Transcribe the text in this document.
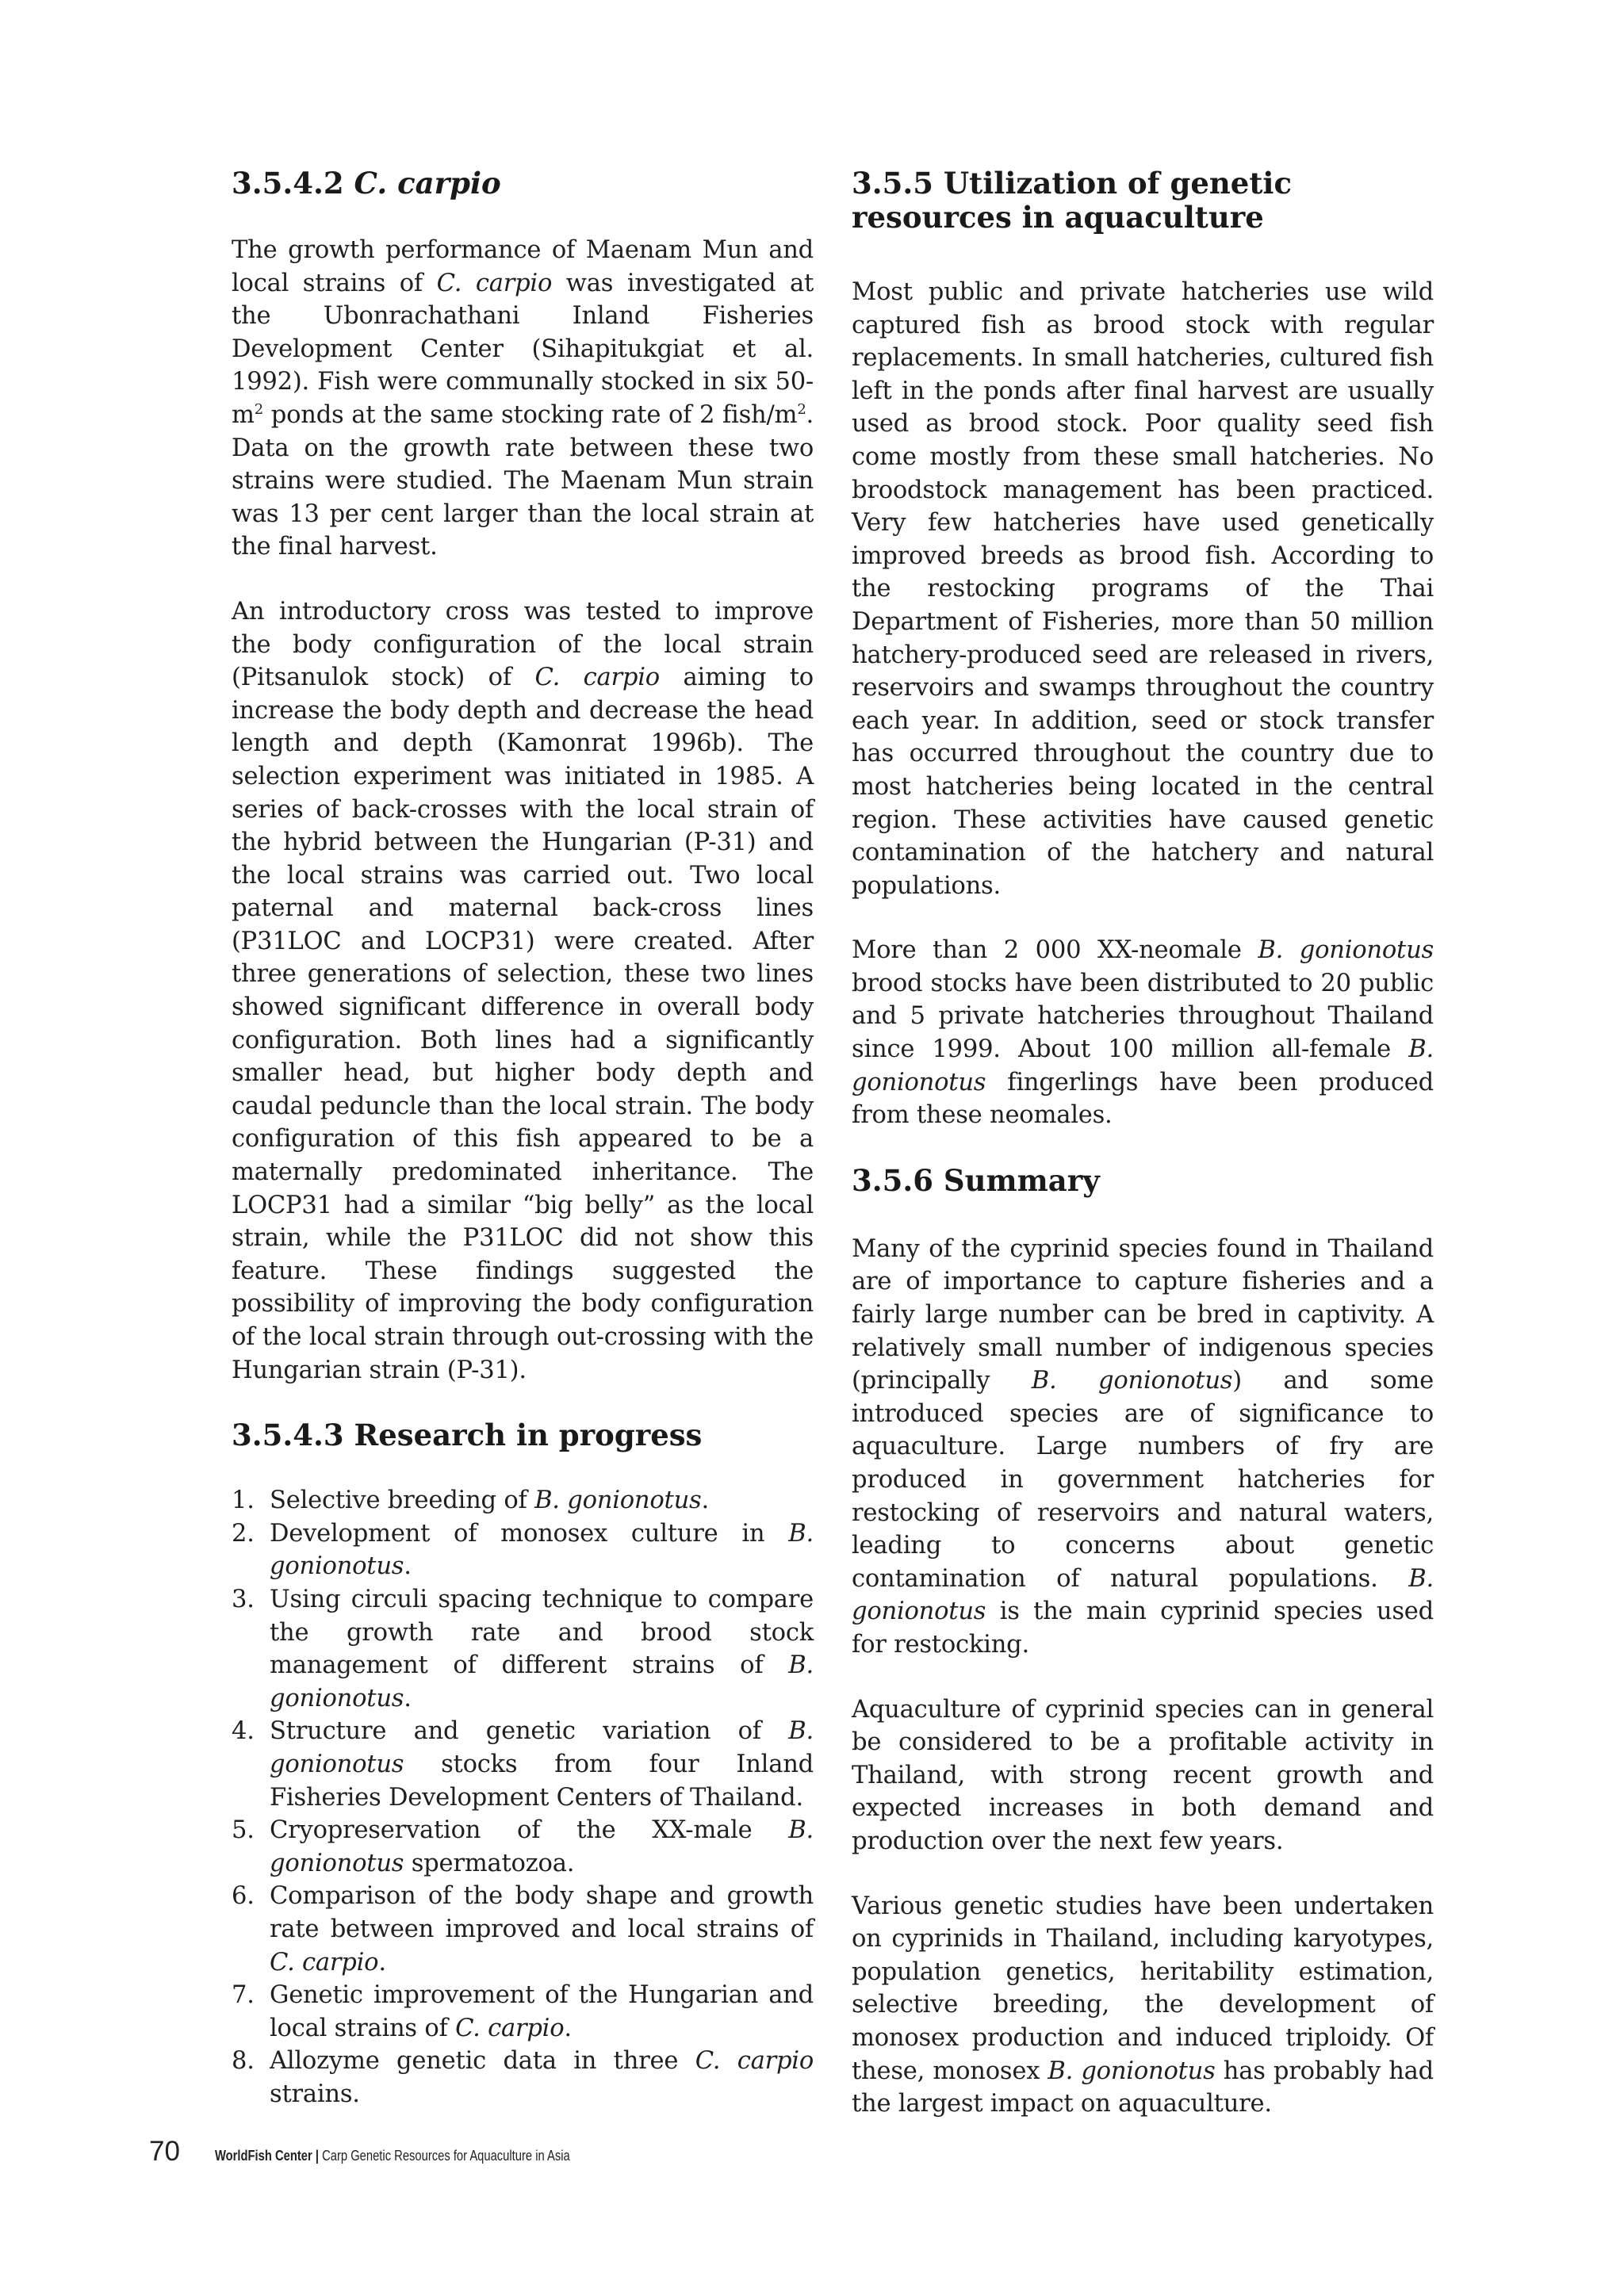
3.5.4.2 C. carpio

The growth performance of Maenam Mun and local strains of C. carpio was investigated at the Ubonrachathani Inland Fisheries Development Center (Sihapitukgiat et al. 1992). Fish were communally stocked in six $50-m^2$ ponds at the same stocking rate of 2 fish/$m^2$. Data on the growth rate between these two strains were studied. The Maenam Mun strain was 13 per cent larger than the local strain at the final harvest.

An introductory cross was tested to improve the body configuration of the local strain (Pitsanulok stock) of C. carpio aiming to increase the body depth and decrease the head length and depth (Kamonrat 1996b). The selection experiment was initiated in 1985. A series of back-crosses with the local strain of the hybrid between the Hungarian (P-31) and the local strains was carried out. Two local paternal and maternal back-cross lines (P31LOC and LOCP31) were created. After three generations of selection, these two lines showed significant difference in overall body configuration. Both lines had a significantly smaller head, but higher body depth and caudal peduncle than the local strain. The body configuration of this fish appeared to be a maternally predominated inheritance. The LOCP31 had a similar “big belly” as the local strain, while the P31LOC did not show this feature. These findings suggested the possibility of improving the body configuration of the local strain through out-crossing with the Hungarian strain (P-31).

3.5.4.3 Research in progress
1. Selective breeding of B. gonionotus.
2. Development of monosex culture in B. gonionotus.
3. Using circuli spacing technique to compare the growth rate and brood stock management of different strains of B. gonionotus.
4. Structure and genetic variation of B. gonionotus stocks from four Inland Fisheries Development Centers of Thailand.
5. Cryopreservation of the XX-male B. gonionotus spermatozoa.
6. Comparison of the body shape and growth rate between improved and local strains of C. carpio.
7. Genetic improvement of the Hungarian and local strains of C. carpio.
8. Allozyme genetic data in three C. carpio strains.
3.5.5 Utilization of genetic resources in aquaculture

Most public and private hatcheries use wild captured fish as brood stock with regular replacements. In small hatcheries, cultured fish left in the ponds after final harvest are usually used as brood stock. Poor quality seed fish come mostly from these small hatcheries. No broodstock management has been practiced. Very few hatcheries have used genetically improved breeds as brood fish. According to the restocking programs of the Thai Department of Fisheries, more than 50 million hatchery-produced seed are released in rivers, reservoirs and swamps throughout the country each year. In addition, seed or stock transfer has occurred throughout the country due to most hatcheries being located in the central region. These activities have caused genetic contamination of the hatchery and natural populations.

More than 2 000 XX-neomale B. gonionotus brood stocks have been distributed to 20 public and 5 private hatcheries throughout Thailand since 1999. About 100 million all-female B. gonionotus fingerlings have been produced from these neomales.

3.5.6 Summary

Many of the cyprinid species found in Thailand are of importance to capture fisheries and a fairly large number can be bred in captivity. A relatively small number of indigenous species (principally B. gonionotus) and some introduced species are of significance to aquaculture. Large numbers of fry are produced in government hatcheries for restocking of reservoirs and natural waters, leading to concerns about genetic contamination of natural populations. B. gonionotus is the main cyprinid species used for restocking.

Aquaculture of cyprinid species can in general be considered to be a profitable activity in Thailand, with strong recent growth and expected increases in both demand and production over the next few years.

Various genetic studies have been undertaken on cyprinids in Thailand, including karyotypes, population genetics, heritability estimation, selective breeding, the development of monosex production and induced triploidy. Of these, monosex B. gonionotus has probably had the largest impact on aquaculture.

70 WorldFish Center | Carp Genetic Resources for Aquaculture in Asia
